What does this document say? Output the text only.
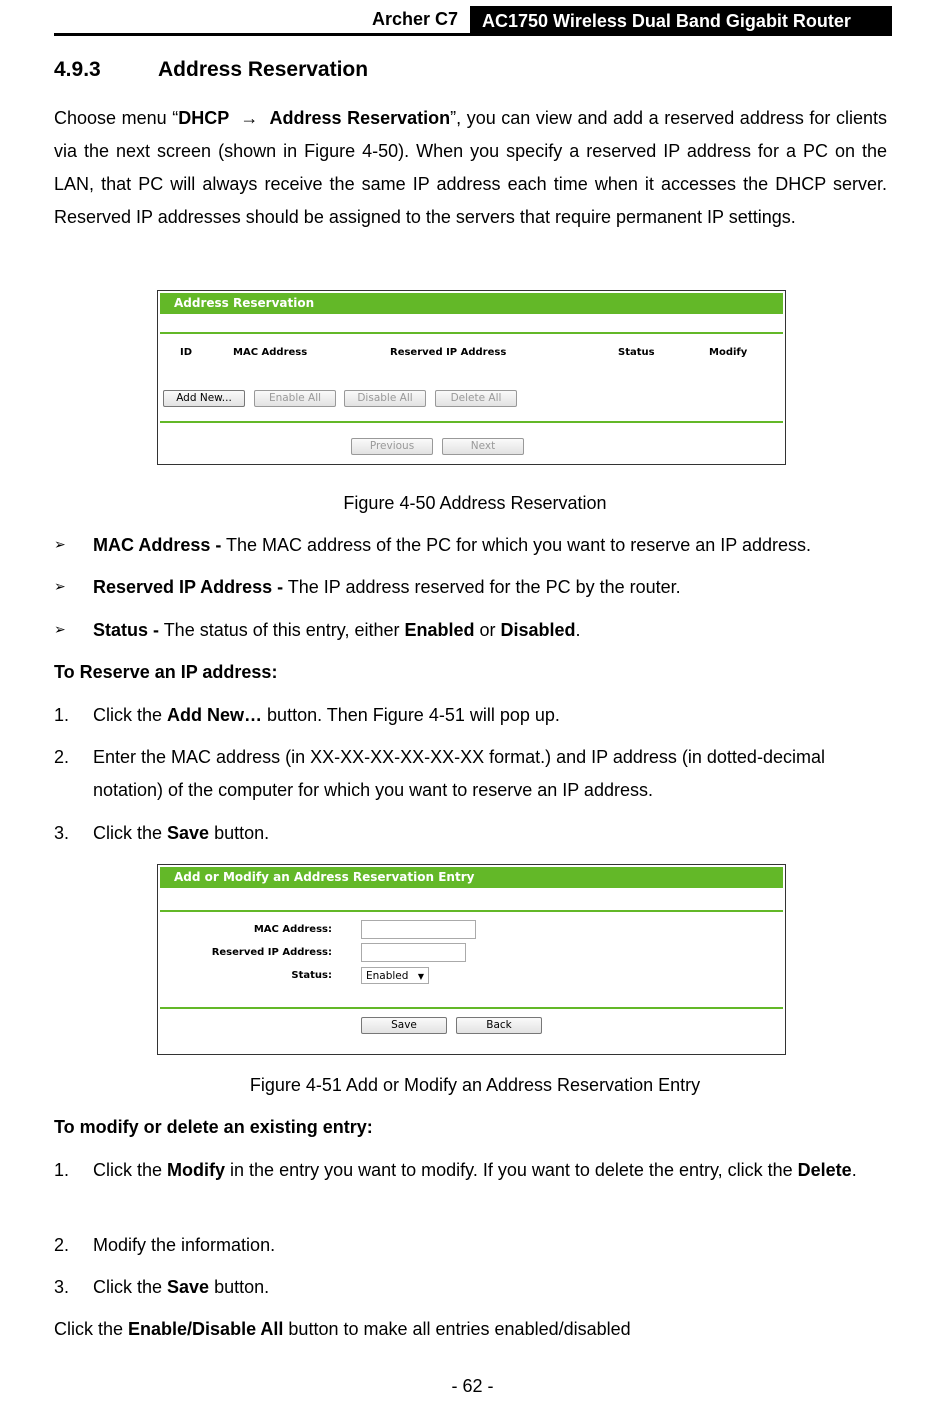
Archer C7	AC1750 Wireless Dual Band Gigabit Router
4.9.3	Address Reservation
Choose menu “DHCP → Address Reservation”, you can view and add a reserved address for clients via the next screen (shown in Figure 4-50). When you specify a reserved IP address for a PC on the LAN, that PC will always receive the same IP address each time when it accesses the DHCP server. Reserved IP addresses should be assigned to the servers that require permanent IP settings.
Address Reservation
ID	MAC Address	Reserved IP Address	Status	Modify
Add New...	Enable All	Disable All	Delete All
Previous	Next
Figure 4-50 Address Reservation
➢ MAC Address - The MAC address of the PC for which you want to reserve an IP address.
➢ Reserved IP Address - The IP address reserved for the PC by the router.
➢ Status - The status of this entry, either Enabled or Disabled.
To Reserve an IP address:
1. Click the Add New… button. Then Figure 4-51 will pop up.
2. Enter the MAC address (in XX-XX-XX-XX-XX-XX format.) and IP address (in dotted-decimal notation) of the computer for which you want to reserve an IP address.
3. Click the Save button.
Add or Modify an Address Reservation Entry
MAC Address:
Reserved IP Address:
Status:	Enabled ▼
Save	Back
Figure 4-51 Add or Modify an Address Reservation Entry
To modify or delete an existing entry:
1. Click the Modify in the entry you want to modify. If you want to delete the entry, click the Delete.
2. Modify the information.
3. Click the Save button.
Click the Enable/Disable All button to make all entries enabled/disabled
- 62 -
